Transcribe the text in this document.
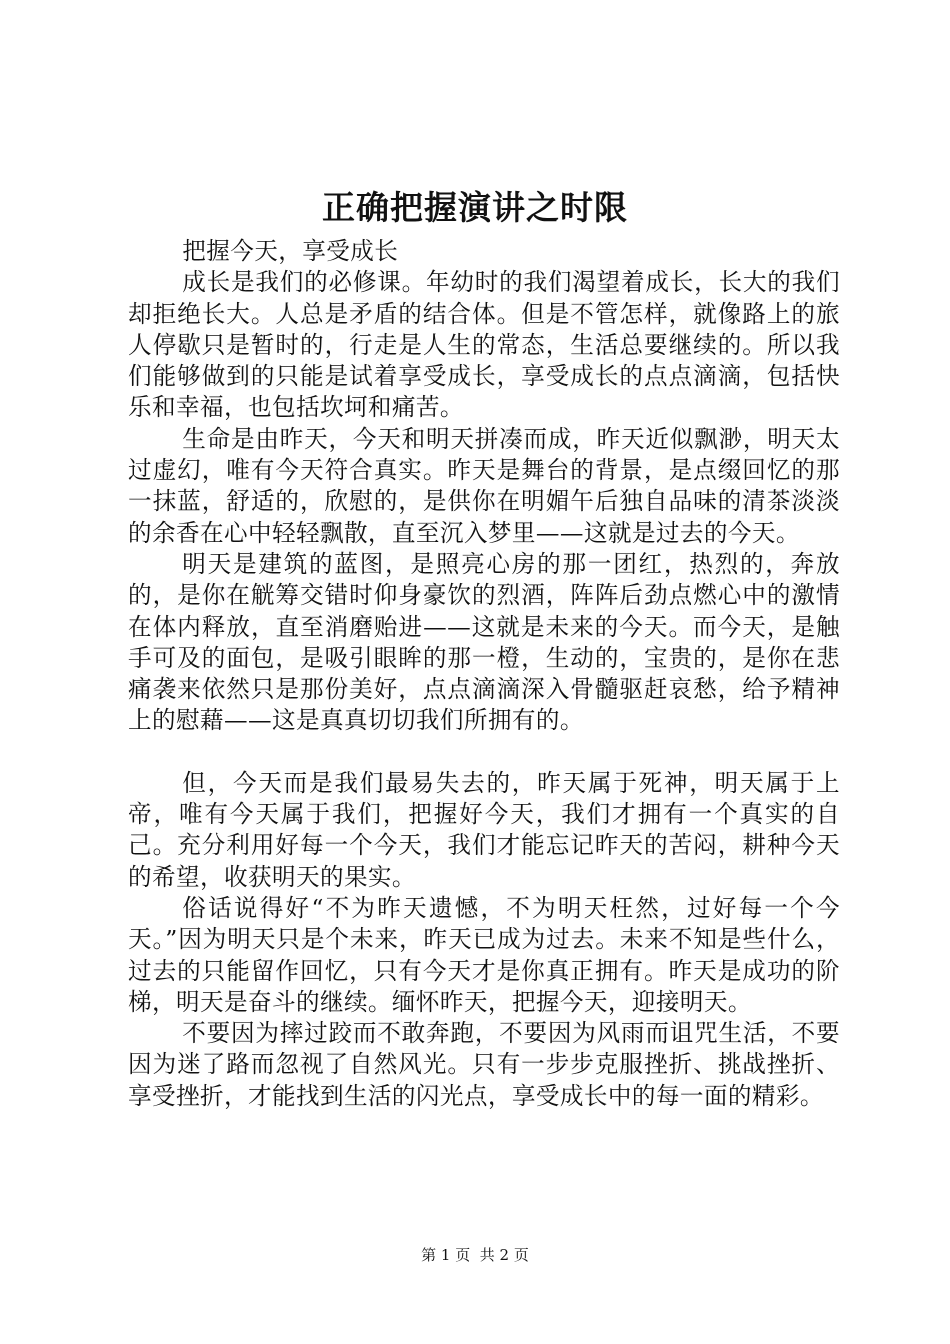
正确把握演讲之时限

把握今天，享受成长

成长是我们的必修课。年幼时的我们渴望着成长，长大的我们却拒绝长大。人总是矛盾的结合体。但是不管怎样，就像路上的旅人停歇只是暂时的，行走是人生的常态，生活总要继续的。所以我们能够做到的只能是试着享受成长，享受成长的点点滴滴，包括快乐和幸福，也包括坎坷和痛苦。

生命是由昨天，今天和明天拼凑而成，昨天近似飘渺，明天太过虚幻，唯有今天符合真实。昨天是舞台的背景，是点缀回忆的那一抹蓝，舒适的，欣慰的，是供你在明媚午后独自品味的清茶淡淡的余香在心中轻轻飘散，直至沉入梦里——这就是过去的今天。

明天是建筑的蓝图，是照亮心房的那一团红，热烈的，奔放的，是你在觥筹交错时仰身豪饮的烈酒，阵阵后劲点燃心中的激情在体内释放，直至消磨贻进——这就是未来的今天。而今天，是触手可及的面包，是吸引眼眸的那一橙，生动的，宝贵的，是你在悲痛袭来依然只是那份美好，点点滴滴深入骨髓驱赶哀愁，给予精神上的慰藉——这是真真切切我们所拥有的。

但，今天而是我们最易失去的，昨天属于死神，明天属于上帝，唯有今天属于我们，把握好今天，我们才拥有一个真实的自己。充分利用好每一个今天，我们才能忘记昨天的苦闷，耕种今天的希望，收获明天的果实。

俗话说得好“不为昨天遗憾，不为明天枉然，过好每一个今天。”因为明天只是个未来，昨天已成为过去。未来不知是些什么，过去的只能留作回忆，只有今天才是你真正拥有。昨天是成功的阶梯，明天是奋斗的继续。缅怀昨天，把握今天，迎接明天。

不要因为摔过跤而不敢奔跑，不要因为风雨而诅咒生活，不要因为迷了路而忽视了自然风光。只有一步步克服挫折、挑战挫折、享受挫折，才能找到生活的闪光点，享受成长中的每一面的精彩。

第 1 页 共 2 页
